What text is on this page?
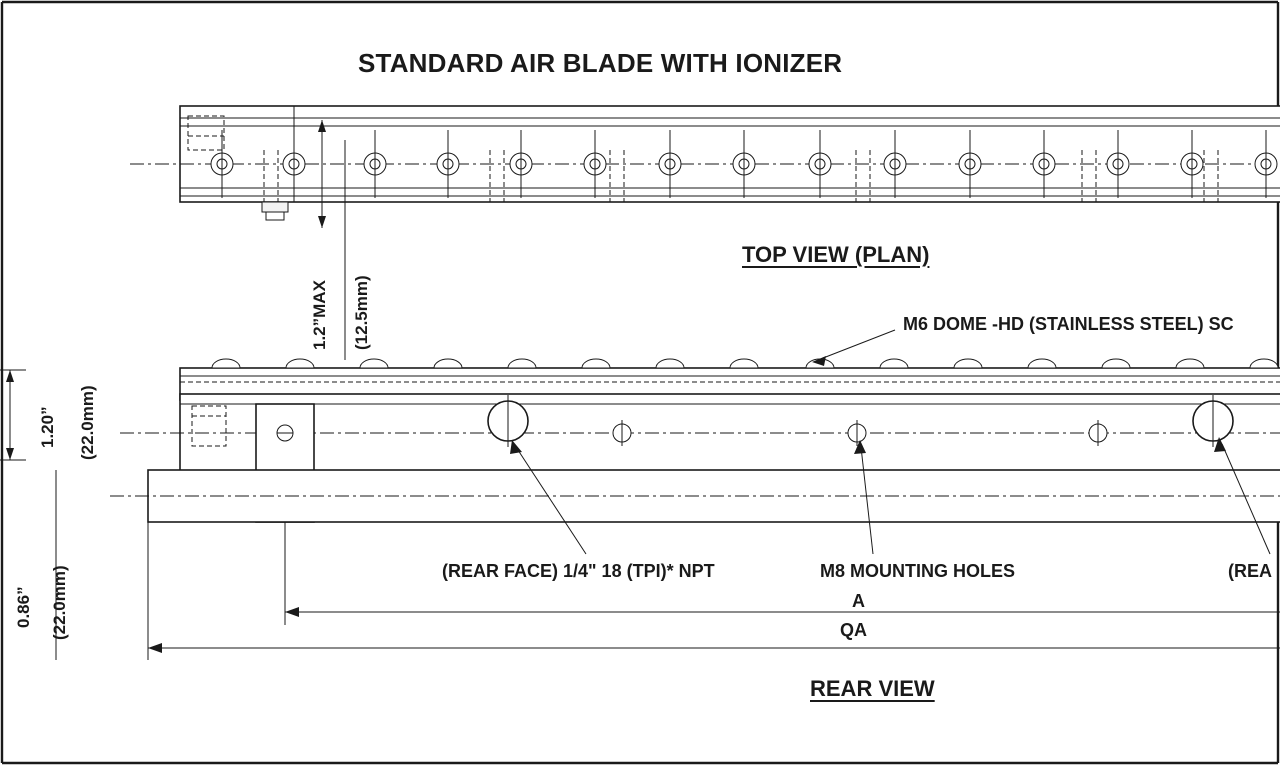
STANDARD AIR BLADE WITH IONIZER
TOP VIEW (PLAN)
REAR VIEW
M6 DOME -HD (STAINLESS STEEL) SC
(REAR FACE) 1/4" 18 (TPI)* NPT	M8 MOUNTING HOLES	(REA
1.2”MAX (12.5mm)
1.20” (22.0mm)
0.86” (22.0mm)	A
QA
